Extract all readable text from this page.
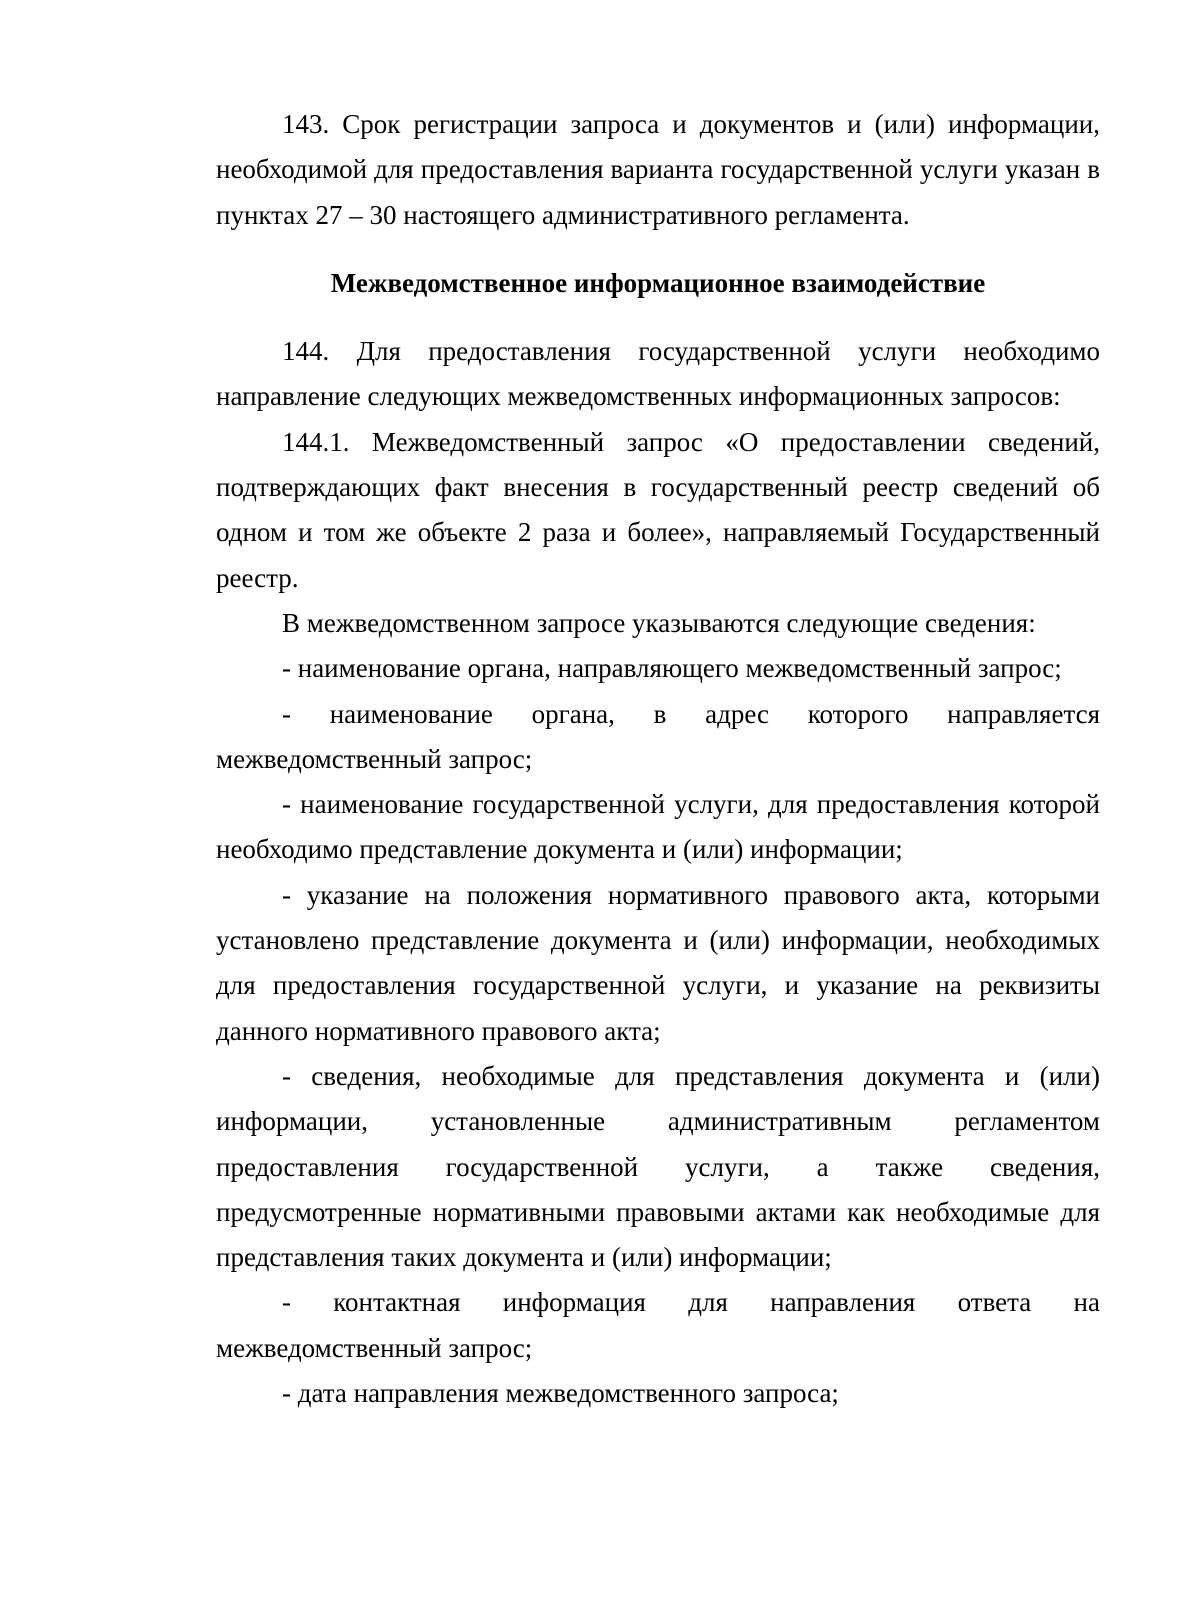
143. Срок регистрации запроса и документов и (или) информации, необходимой для предоставления варианта государственной услуги указан в пунктах 27 – 30 настоящего административного регламента.

Межведомственное информационное взаимодействие

144. Для предоставления государственной услуги необходимо направление следующих межведомственных информационных запросов:

144.1. Межведомственный запрос «О предоставлении сведений, подтверждающих факт внесения в государственный реестр сведений об одном и том же объекте 2 раза и более», направляемый Государственный реестр.

В межведомственном запросе указываются следующие сведения:

- наименование органа, направляющего межведомственный запрос;

- наименование органа, в адрес которого направляется межведомственный запрос;

- наименование государственной услуги, для предоставления которой необходимо представление документа и (или) информации;

- указание на положения нормативного правового акта, которыми установлено представление документа и (или) информации, необходимых для предоставления государственной услуги, и указание на реквизиты данного нормативного правового акта;

- сведения, необходимые для представления документа и (или) информации, установленные административным регламентом предоставления государственной услуги, а также сведения, предусмотренные нормативными правовыми актами как необходимые для представления таких документа и (или) информации;

- контактная информация для направления ответа на межведомственный запрос;

- дата направления межведомственного запроса;
